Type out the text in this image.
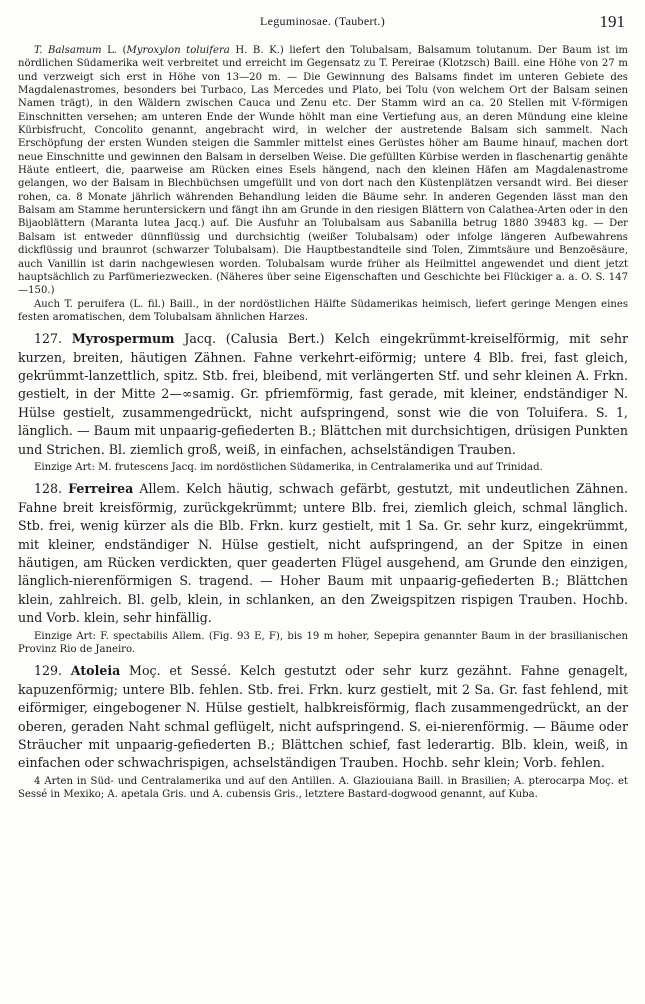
Leguminosae. (Taubert.)	191

T. Balsamum L. (Myroxylon toluifera H. B. K.) liefert den Tolubalsam, Balsamum tolutanum. Der Baum ist im nördlichen Südamerika weit verbreitet und erreicht im Gegensatz zu T. Pereirae (Klotzsch) Baill. eine Höhe von 27 m und verzweigt sich erst in Höhe von 13—20 m. — Die Gewinnung des Balsams findet im unteren Gebiete des Magdalenastromes, besonders bei Turbaco, Las Mercedes und Plato, bei Tolu (von welchem Ort der Balsam seinen Namen trägt), in den Wäldern zwischen Cauca und Zenu etc. Der Stamm wird an ca. 20 Stellen mit V-förmigen Einschnitten versehen; am unteren Ende der Wunde höhlt man eine Vertiefung aus, an deren Mündung eine kleine Kürbisfrucht, Concolito genannt, angebracht wird, in welcher der austretende Balsam sich sammelt. Nach Erschöpfung der ersten Wunden steigen die Sammler mittelst eines Gerüstes höher am Baume hinauf, machen dort neue Einschnitte und gewinnen den Balsam in derselben Weise. Die gefüllten Kürbise werden in flaschenartig genähte Häute entleert, die, paarweise am Rücken eines Esels hängend, nach den kleinen Häfen am Magdalenastrome gelangen, wo der Balsam in Blechbüchsen umgefüllt und von dort nach den Küstenplätzen versandt wird. Bei dieser rohen, ca. 8 Monate jährlich währenden Behandlung leiden die Bäume sehr. In anderen Gegenden lässt man den Balsam am Stamme heruntersickern und fängt ihn am Grunde in den riesigen Blättern von Calathea-Arten oder in den Bijaoblättern (Maranta lutea Jacq.) auf. Die Ausfuhr an Tolubalsam aus Sabanilla betrug 1880 39483 kg. — Der Balsam ist entweder dünnflüssig und durchsichtig (weißer Tolubalsam) oder infolge längeren Aufbewahrens dickflüssig und braunrot (schwarzer Tolubalsam). Die Hauptbestandteile sind Tolen, Zimmtsäure und Benzoësäure, auch Vanillin ist darin nachgewiesen worden. Tolubalsam wurde früher als Heilmittel angewendet und dient jetzt hauptsächlich zu Parfümeriezwecken. (Näheres über seine Eigenschaften und Geschichte bei Flückiger a. a. O. S. 147—150.)

Auch T. peruifera (L. fil.) Baill., in der nordöstlichen Hälfte Südamerikas heimisch, liefert geringe Mengen eines festen aromatischen, dem Tolubalsam ähnlichen Harzes.

127. Myrospermum Jacq. (Calusia Bert.) Kelch eingekrümmt-kreiselförmig, mit sehr kurzen, breiten, häutigen Zähnen. Fahne verkehrt-eiförmig; untere 4 Blb. frei, fast gleich, gekrümmt-lanzettlich, spitz. Stb. frei, bleibend, mit verlängerten Stf. und sehr kleinen A. Frkn. gestielt, in der Mitte 2—∞samig. Gr. pfriemförmig, fast gerade, mit kleiner, endständiger N. Hülse gestielt, zusammengedrückt, nicht aufspringend, sonst wie die von Toluifera. S. 1, länglich. — Baum mit unpaarig-gefiederten B.; Blättchen mit durchsichtigen, drüsigen Punkten und Strichen. Bl. ziemlich groß, weiß, in einfachen, achselständigen Trauben.

Einzige Art: M. frutescens Jacq. im nordöstlichen Südamerika, in Centralamerika und auf Trinidad.

128. Ferreirea Allem. Kelch häutig, schwach gefärbt, gestutzt, mit undeutlichen Zähnen. Fahne breit kreisförmig, zurückgekrümmt; untere Blb. frei, ziemlich gleich, schmal länglich. Stb. frei, wenig kürzer als die Blb. Frkn. kurz gestielt, mit 1 Sa. Gr. sehr kurz, eingekrümmt, mit kleiner, endständiger N. Hülse gestielt, nicht aufspringend, an der Spitze in einen häutigen, am Rücken verdickten, quer geaderten Flügel ausgehend, am Grunde den einzigen, länglich-nierenförmigen S. tragend. — Hoher Baum mit unpaarig-gefiederten B.; Blättchen klein, zahlreich. Bl. gelb, klein, in schlanken, an den Zweigspitzen rispigen Trauben. Hochb. und Vorb. klein, sehr hinfällig.

Einzige Art: F. spectabilis Allem. (Fig. 93 E, F), bis 19 m hoher, Sepepira genannter Baum in der brasilianischen Provinz Rio de Janeiro.

129. Atoleia Moç. et Sessé. Kelch gestutzt oder sehr kurz gezähnt. Fahne genagelt, kapuzenförmig; untere Blb. fehlen. Stb. frei. Frkn. kurz gestielt, mit 2 Sa. Gr. fast fehlend, mit eiförmiger, eingebogener N. Hülse gestielt, halbkreisförmig, flach zusammengedrückt, an der oberen, geraden Naht schmal geflügelt, nicht aufspringend. S. ei-nierenförmig. — Bäume oder Sträucher mit unpaarig-gefiederten B.; Blättchen schief, fast lederartig. Blb. klein, weiß, in einfachen oder schwachrispigen, achselständigen Trauben. Hochb. sehr klein; Vorb. fehlen.

4 Arten in Süd- und Centralamerika und auf den Antillen. A. Glaziouiana Baill. in Brasilien; A. pterocarpa Moç. et Sessé in Mexiko; A. apetala Gris. und A. cubensis Gris., letztere Bastard-dogwood genannt, auf Kuba.
